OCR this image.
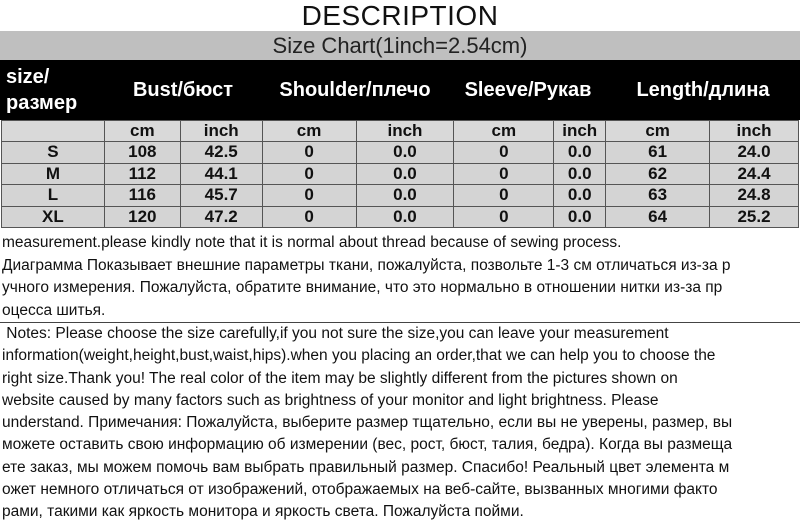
DESCRIPTION
Size Chart(1inch=2.54cm)
size/
размер
Bust/бюст	Shoulder/плечо	Sleeve/Рукав	Length/длина
	cm	inch	cm	inch	cm	inch	cm	inch
S	108	42.5	0	0.0	0	0.0	61	24.0
M	112	44.1	0	0.0	0	0.0	62	24.4
L	116	45.7	0	0.0	0	0.0	63	24.8
XL	120	47.2	0	0.0	0	0.0	64	25.2

measurement.please kindly note that it is normal about thread because of sewing process.

Диаграмма Показывает внешние параметры ткани, пожалуйста, позвольте 1-3 см отличаться из-за р

учного измерения. Пожалуйста, обратите внимание, что это нормально в отношении нитки из-за пр

оцесса шитья.

Notes: Please choose the size carefully,if you not sure the size,you can leave your measurement

information(weight,height,bust,waist,hips).when you placing an order,that we can help you to choose the

right size.Thank you! The real color of the item may be slightly different from the pictures shown on

website caused by many factors such as brightness of your monitor and light brightness. Please

understand. Примечания: Пожалуйста, выберите размер тщательно, если вы не уверены, размер, вы

можете оставить свою информацию об измерении (вес, рост, бюст, талия, бедра). Когда вы размеща

ете заказ, мы можем помочь вам выбрать правильный размер. Спасибо! Реальный цвет элемента м

ожет немного отличаться от изображений, отображаемых на веб-сайте, вызванных многими факто

рами, такими как яркость монитора и яркость света. Пожалуйста пойми.
